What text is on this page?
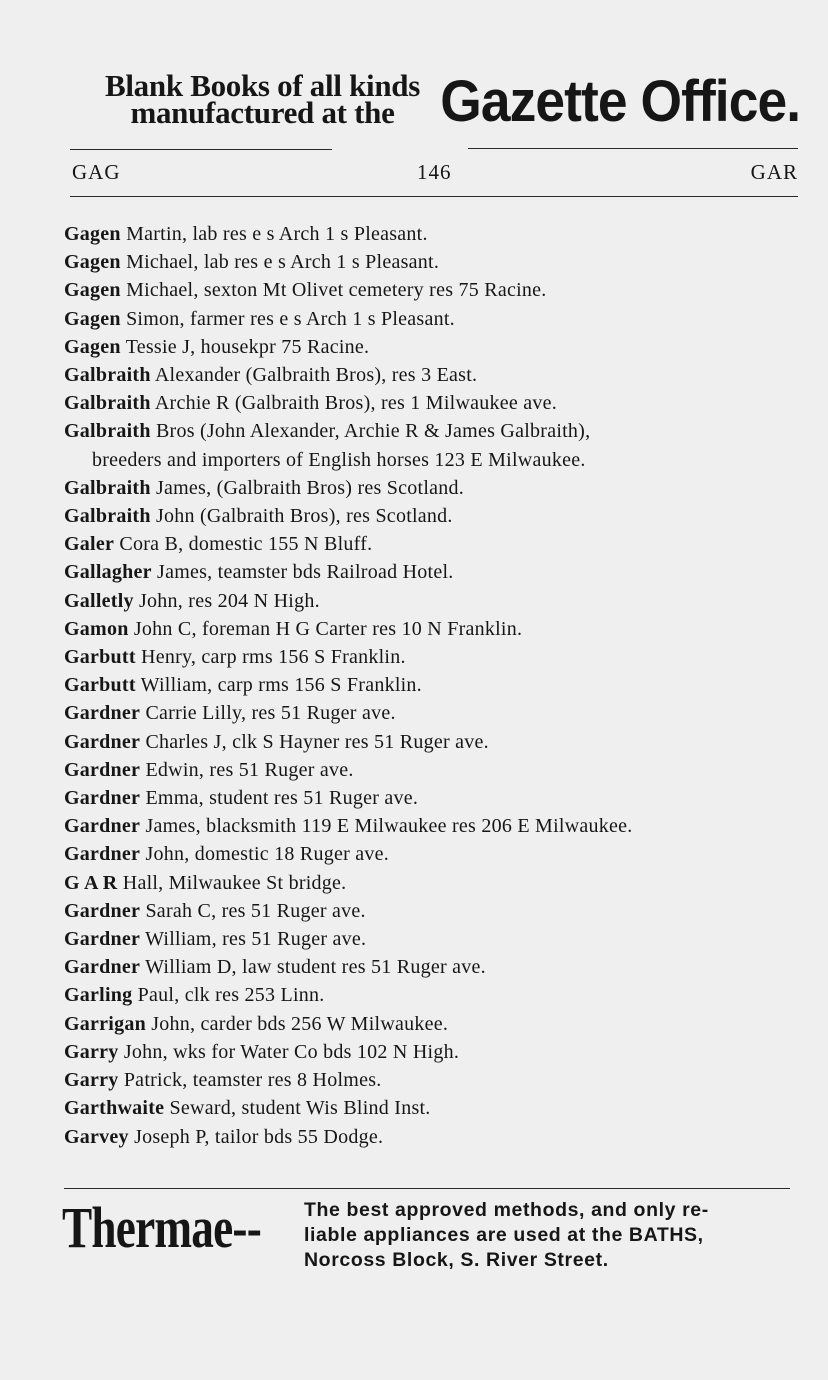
Blank Books of all kinds
manufactured at the Gazette Office.
GAG	146	GAR
Gagen Martin, lab res e s Arch 1 s Pleasant.
Gagen Michael, lab res e s Arch 1 s Pleasant.
Gagen Michael, sexton Mt Olivet cemetery res 75 Racine.
Gagen Simon, farmer res e s Arch 1 s Pleasant.
Gagen Tessie J, housekpr 75 Racine.
Galbraith Alexander (Galbraith Bros), res 3 East.
Galbraith Archie R (Galbraith Bros), res 1 Milwaukee ave.
Galbraith Bros (John Alexander, Archie R & James Galbraith),
breeders and importers of English horses 123 E Milwaukee.
Galbraith James, (Galbraith Bros) res Scotland.
Galbraith John (Galbraith Bros), res Scotland.
Galer Cora B, domestic 155 N Bluff.
Gallagher James, teamster bds Railroad Hotel.
Galletly John, res 204 N High.
Gamon John C, foreman H G Carter res 10 N Franklin.
Garbutt Henry, carp rms 156 S Franklin.
Garbutt William, carp rms 156 S Franklin.
Gardner Carrie Lilly, res 51 Ruger ave.
Gardner Charles J, clk S Hayner res 51 Ruger ave.
Gardner Edwin, res 51 Ruger ave.
Gardner Emma, student res 51 Ruger ave.
Gardner James, blacksmith 119 E Milwaukee res 206 E Milwaukee.
Gardner John, domestic 18 Ruger ave.
G A R Hall, Milwaukee St bridge.
Gardner Sarah C, res 51 Ruger ave.
Gardner William, res 51 Ruger ave.
Gardner William D, law student res 51 Ruger ave.
Garling Paul, clk res 253 Linn.
Garrigan John, carder bds 256 W Milwaukee.
Garry John, wks for Water Co bds 102 N High.
Garry Patrick, teamster res 8 Holmes.
Garthwaite Seward, student Wis Blind Inst.
Garvey Joseph P, tailor bds 55 Dodge.
Thermae-- The best approved methods, and only re-
liable appliances are used at the BATHS,
Norcoss Block, S. River Street.
